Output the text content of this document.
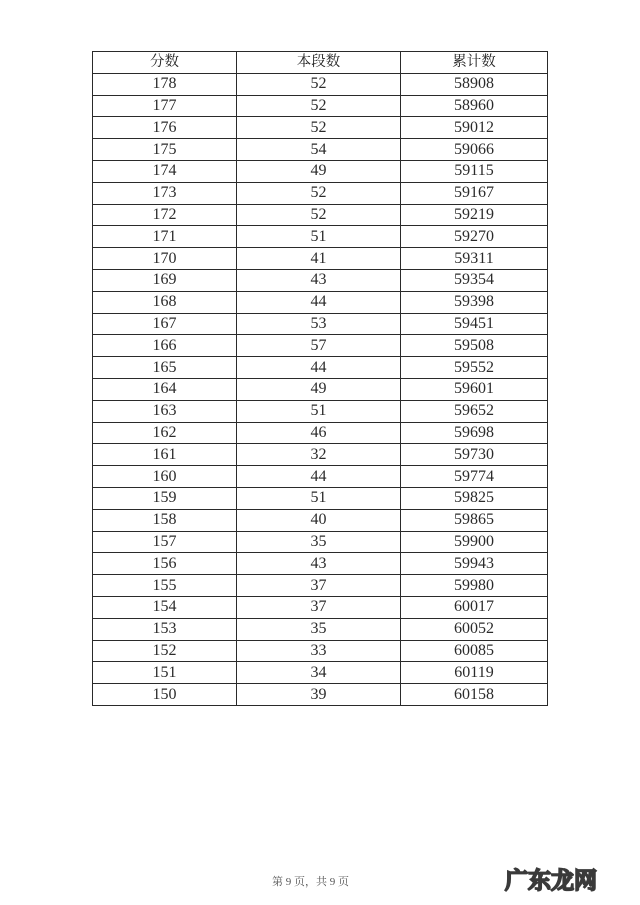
分数	本段数	累计数
178	52	58908
177	52	58960
176	52	59012
175	54	59066
174	49	59115
173	52	59167
172	52	59219
171	51	59270
170	41	59311
169	43	59354
168	44	59398
167	53	59451
166	57	59508
165	44	59552
164	49	59601
163	51	59652
162	46	59698
161	32	59730
160	44	59774
159	51	59825
158	40	59865
157	35	59900
156	43	59943
155	37	59980
154	37	60017
153	35	60052
152	33	60085
151	34	60119
150	39	60158
第 9 页，共 9 页	广东龙网
